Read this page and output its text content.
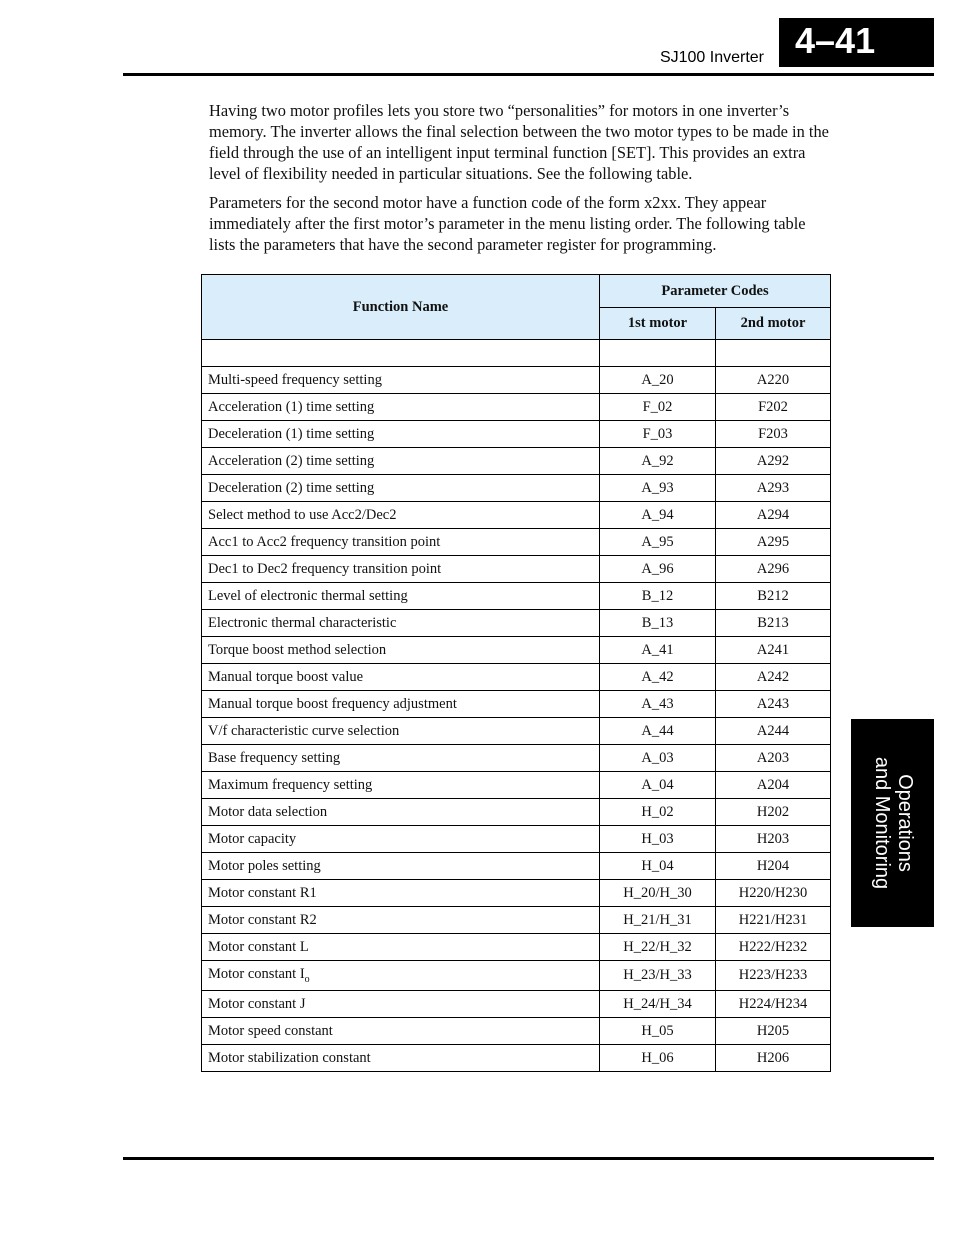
SJ100 Inverter 4–41
Operations
and Monitoring

Having two motor profiles lets you store two “personalities” for motors in one inverter’s memory. The inverter allows the final selection between the two motor types to be made in the field through the use of an intelligent input terminal function [SET]. This provides an extra level of flexibility needed in particular situations. See the following table.

Parameters for the second motor have a function code of the form x2xx. They appear immediately after the first motor’s parameter in the menu listing order. The following table lists the parameters that have the second parameter register for programming.

Function Name	Parameter Codes	
	1st motor	2nd motor

Multi-speed frequency setting	A_20	A220
Acceleration (1) time setting	F_02	F202
Deceleration (1) time setting	F_03	F203
Acceleration (2) time setting	A_92	A292
Deceleration (2) time setting	A_93	A293
Select method to use Acc2/Dec2	A_94	A294
Acc1 to Acc2 frequency transition point	A_95	A295
Dec1 to Dec2 frequency transition point	A_96	A296
Level of electronic thermal setting	B_12	B212
Electronic thermal characteristic	B_13	B213
Torque boost method selection	A_41	A241
Manual torque boost value	A_42	A242
Manual torque boost frequency adjustment	A_43	A243
V/f characteristic curve selection	A_44	A244
Base frequency setting	A_03	A203
Maximum frequency setting	A_04	A204
Motor data selection	H_02	H202
Motor capacity	H_03	H203
Motor poles setting	H_04	H204
Motor constant R1	H_20/H_30	H220/H230
Motor constant R2	H_21/H_31	H221/H231
Motor constant L	H_22/H_32	H222/H232
Motor constant $I_o$	H_23/H_33	H223/H233
Motor constant J	H_24/H_34	H224/H234
Motor speed constant	H_05	H205
Motor stabilization constant	H_06	H206
